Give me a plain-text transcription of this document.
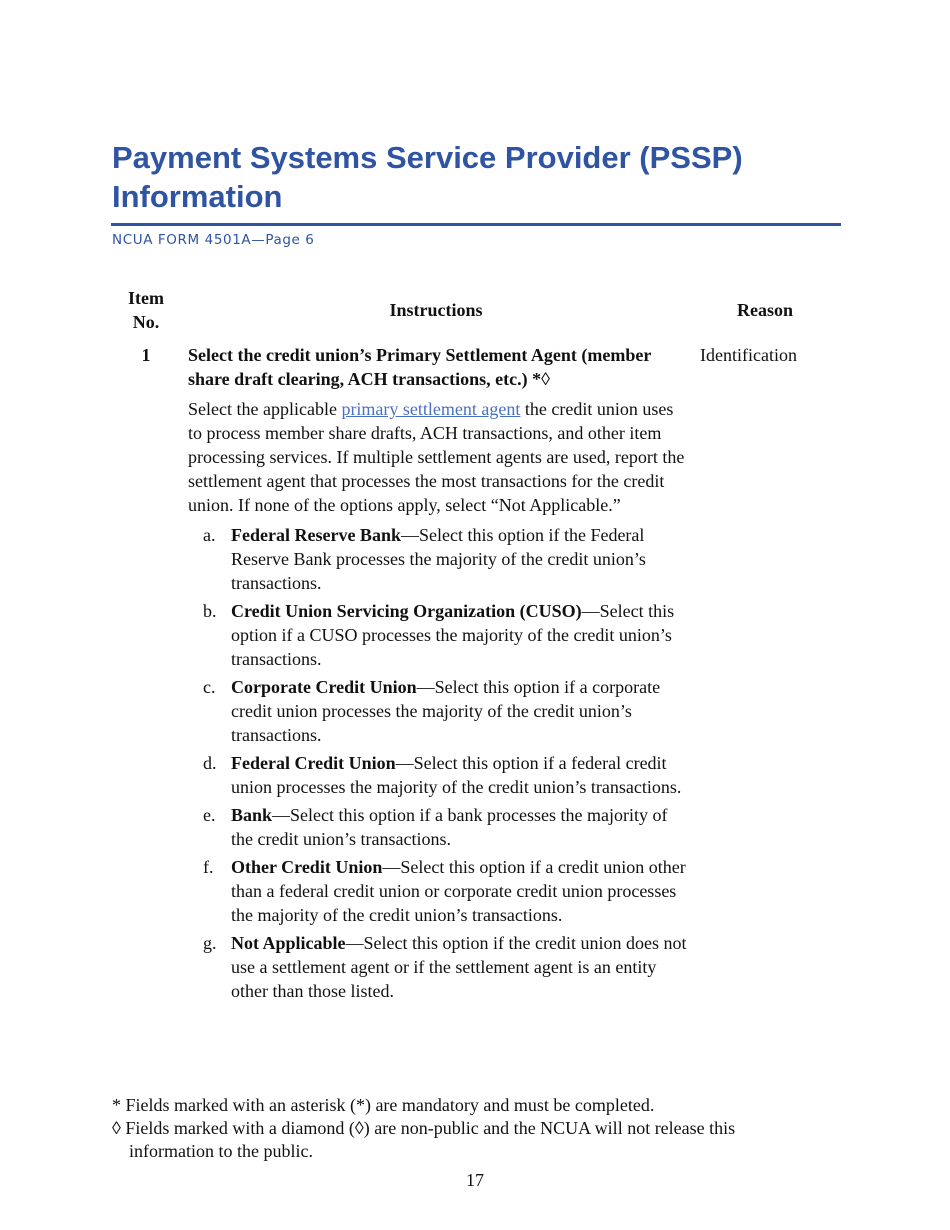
Payment Systems Service Provider (PSSP) Information
NCUA FORM 4501A—Page 6
Item
No.
Instructions	Reason
1	Identification

Select the credit union’s Primary Settlement Agent (member share draft clearing, ACH transactions, etc.) *◊

Select the applicable primary settlement agent the credit union uses to process member share drafts, ACH transactions, and other item processing services. If multiple settlement agents are used, report the settlement agent that processes the most transactions for the credit union. If none of the options apply, select “Not Applicable.”

a. Federal Reserve Bank—Select this option if the Federal Reserve Bank processes the majority of the credit union’s transactions.
b. Credit Union Servicing Organization (CUSO)—Select this option if a CUSO processes the majority of the credit union’s transactions.
c. Corporate Credit Union—Select this option if a corporate credit union processes the majority of the credit union’s transactions.
d. Federal Credit Union—Select this option if a federal credit union processes the majority of the credit union’s transactions.
e. Bank—Select this option if a bank processes the majority of the credit union’s transactions.
f. Other Credit Union—Select this option if a credit union other than a federal credit union or corporate credit union processes the majority of the credit union’s transactions.
g. Not Applicable—Select this option if the credit union does not use a settlement agent or if the settlement agent is an entity other than those listed.

* Fields marked with an asterisk (*) are mandatory and must be completed.

◊ Fields marked with a diamond (◊) are non-public and the NCUA will not release this

information to the public.

17
